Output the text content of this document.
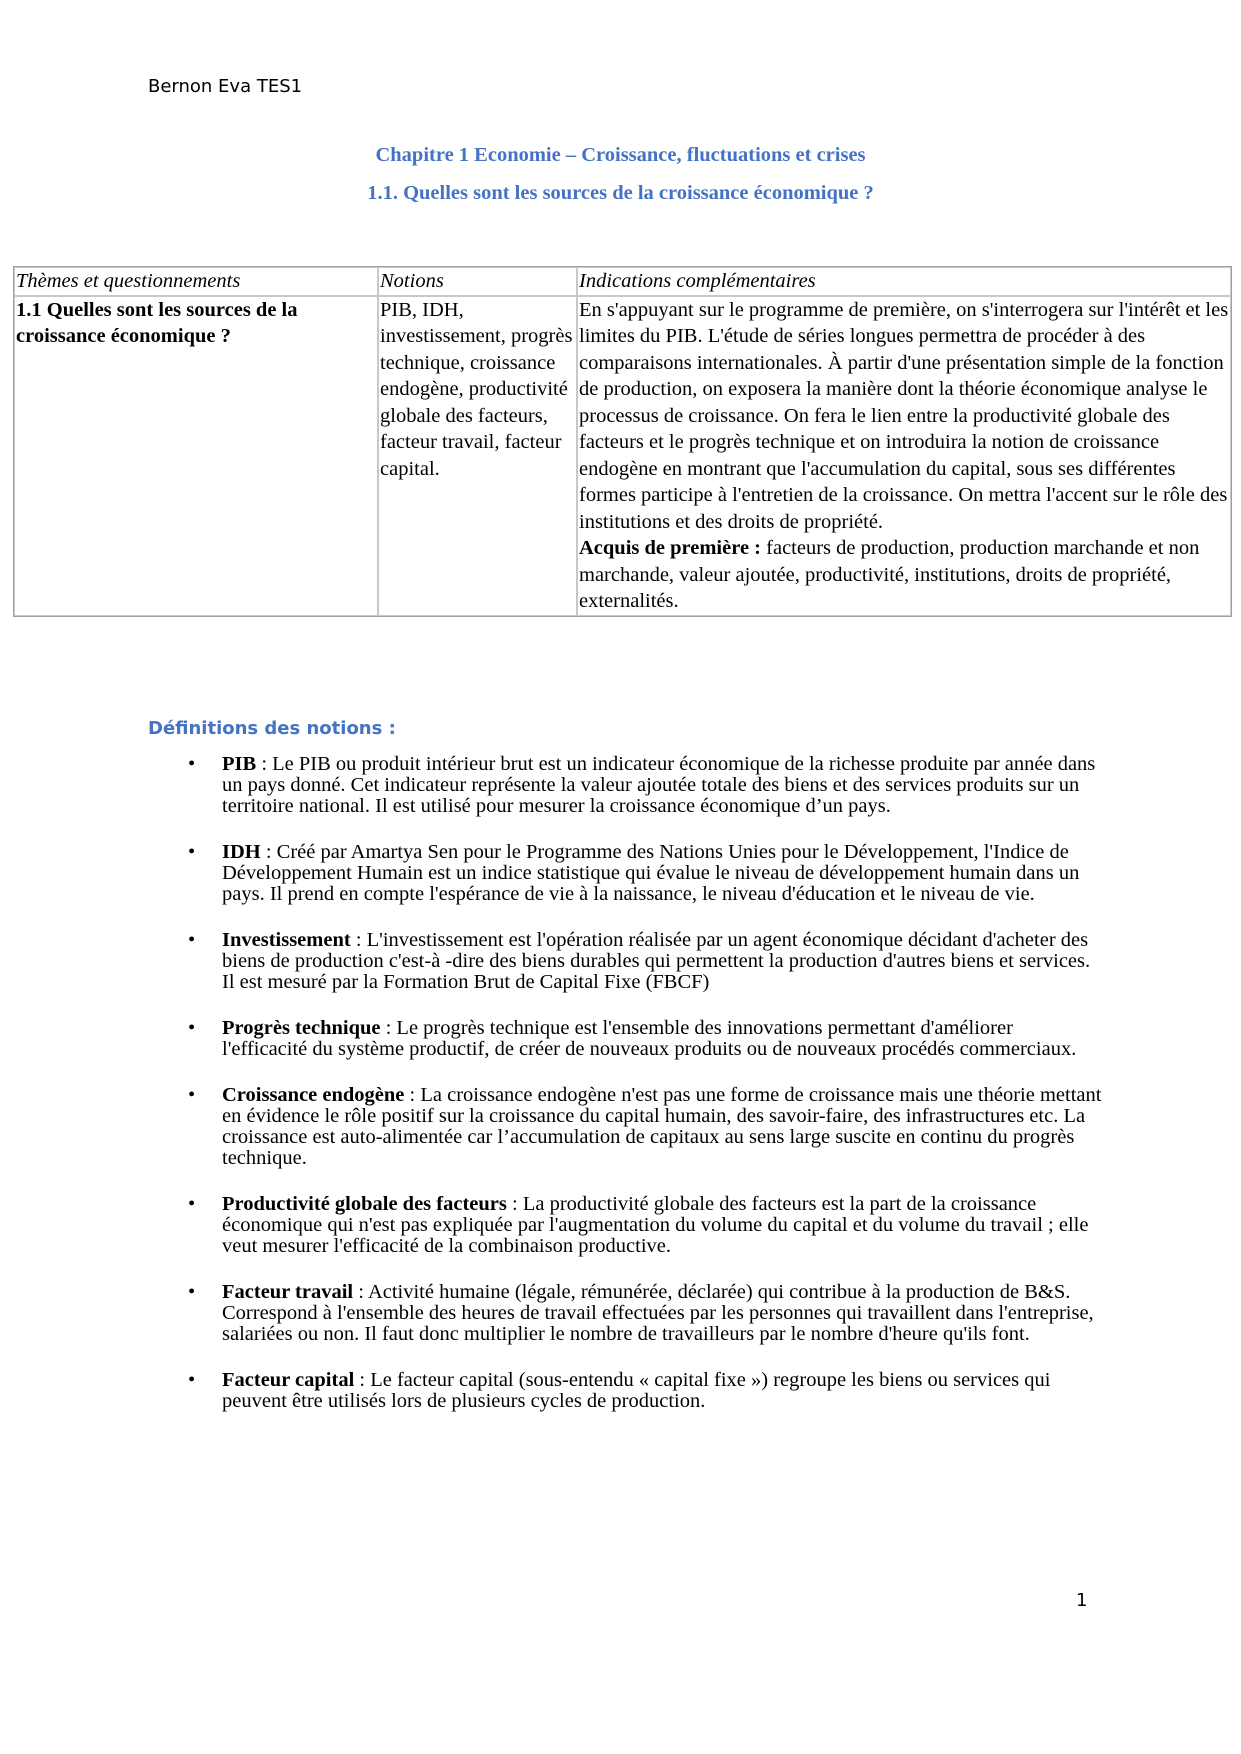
Bernon Eva TES1
Chapitre 1 Economie – Croissance, fluctuations et crises
1.1. Quelles sont les sources de la croissance économique ?
Thèmes et questionnements	Notions	Indications complémentaires
1.1 Quelles sont les sources de la croissance économique ?	PIB, IDH, investissement, progrès technique, croissance endogène, productivité globale des facteurs, facteur travail, facteur capital.	En s'appuyant sur le programme de première, on s'interrogera sur l'intérêt et les limites du PIB. L'étude de séries longues permettra de procéder à des comparaisons internationales. À partir d'une présentation simple de la fonction de production, on exposera la manière dont la théorie économique analyse le processus de croissance. On fera le lien entre la productivité globale des facteurs et le progrès technique et on introduira la notion de croissance endogène en montrant que l'accumulation du capital, sous ses différentes formes participe à l'entretien de la croissance. On mettra l'accent sur le rôle des institutions et des droits de propriété.
Acquis de première : facteurs de production, production marchande et non marchande, valeur ajoutée, productivité, institutions, droits de propriété, externalités.
Définitions des notions :
• PIB : Le PIB ou produit intérieur brut est un indicateur économique de la richesse produite par année dans un pays donné. Cet indicateur représente la valeur ajoutée totale des biens et des services produits sur un territoire national. Il est utilisé pour mesurer la croissance économique d’un pays.
• IDH : Créé par Amartya Sen pour le Programme des Nations Unies pour le Développement, l'Indice de Développement Humain est un indice statistique qui évalue le niveau de développement humain dans un pays. Il prend en compte l'espérance de vie à la naissance, le niveau d'éducation et le niveau de vie.
• Investissement : L'investissement est l'opération réalisée par un agent économique décidant d'acheter des biens de production c'est-à -dire des biens durables qui permettent la production d'autres biens et services. Il est mesuré par la Formation Brut de Capital Fixe (FBCF)
• Progrès technique : Le progrès technique est l'ensemble des innovations permettant d'améliorer l'efficacité du système productif, de créer de nouveaux produits ou de nouveaux procédés commerciaux.
• Croissance endogène : La croissance endogène n'est pas une forme de croissance mais une théorie mettant en évidence le rôle positif sur la croissance du capital humain, des savoir-faire, des infrastructures etc. La croissance est auto-alimentée car l’accumulation de capitaux au sens large suscite en continu du progrès technique.
• Productivité globale des facteurs : La productivité globale des facteurs est la part de la croissance économique qui n'est pas expliquée par l'augmentation du volume du capital et du volume du travail ; elle veut mesurer l'efficacité de la combinaison productive.
• Facteur travail : Activité humaine (légale, rémunérée, déclarée) qui contribue à la production de B&S. Correspond à l'ensemble des heures de travail effectuées par les personnes qui travaillent dans l'entreprise, salariées ou non. Il faut donc multiplier le nombre de travailleurs par le nombre d'heure qu'ils font.
• Facteur capital : Le facteur capital (sous-entendu « capital fixe ») regroupe les biens ou services qui peuvent être utilisés lors de plusieurs cycles de production.
1
